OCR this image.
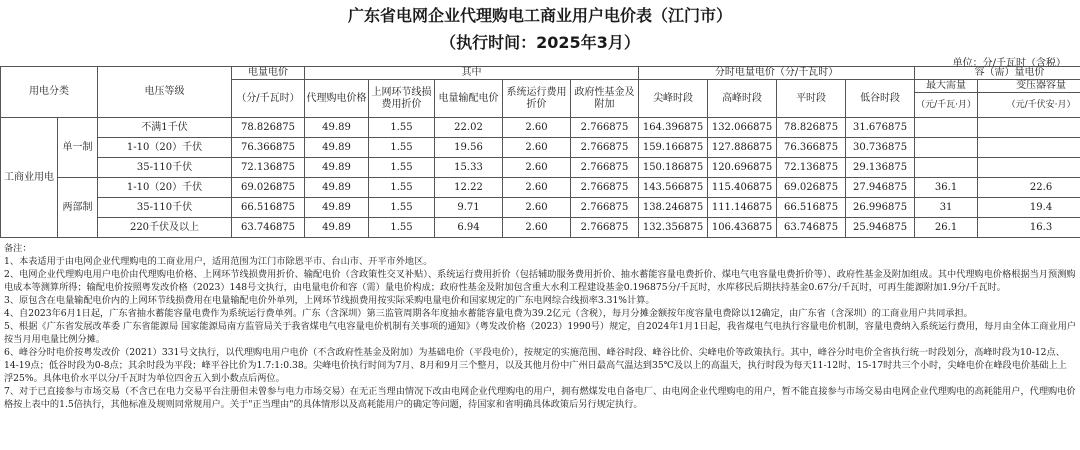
广东省电网企业代理购电工商业用户电价表（江门市）
（执行时间：2025年3月）
单位：分/千瓦时（含税）
用电分类		电压等级	电量电价	其中					分时电量电价（分/千瓦时）				容（需）量电价	
			（分/千瓦时）	代理购电价格	上网环节线损费用折价	电量输配电价	系统运行费用折价	政府性基金及附加	尖峰时段	高峰时段	平时段	低谷时段	最大需量	变压器容量
													（元/千瓦·月）	（元/千伏安·月）
工商业用电	单一制	不满1千伏	78.826875	49.89	1.55	22.02	2.60	2.766875	164.396875	132.066875	78.826875	31.676875		
		1-10（20）千伏	76.366875	49.89	1.55	19.56	2.60	2.766875	159.166875	127.886875	76.366875	30.736875		
		35-110千伏	72.136875	49.89	1.55	15.33	2.60	2.766875	150.186875	120.696875	72.136875	29.136875		
	两部制	1-10（20）千伏	69.026875	49.89	1.55	12.22	2.60	2.766875	143.566875	115.406875	69.026875	27.946875	36.1	22.6
		35-110千伏	66.516875	49.89	1.55	9.71	2.60	2.766875	138.246875	111.146875	66.516875	26.996875	31	19.4
		220千伏及以上	63.746875	49.89	1.55	6.94	2.60	2.766875	132.356875	106.436875	63.746875	25.946875	26.1	16.3

备注：

1、本表适用于由电网企业代理购电的工商业用户，适用范围为江门市除恩平市、台山市、开平市外地区。

2、电网企业代理购电用户电价由代理购电价格、上网环节线损费用折价、输配电价（含政策性交叉补贴）、系统运行费用折价（包括辅助服务费用折价、抽水蓄能容量电费折价、煤电气电容量电费折价等）、政府性基金及附加组成。其中代理购电价格根据当月预测购电成本等测算所得；输配电价按照粤发改价格（2023）148号文执行，由电量电价和容（需）量电价构成；政府性基金及附加包含重大水利工程建设基金0.196875分/千瓦时，水库移民后期扶持基金0.67分/千瓦时，可再生能源附加1.9分/千瓦时。

3、原包含在电量输配电价内的上网环节线损费用在电量输配电价外单列，上网环节线损费用按实际采购电量电价和国家规定的广东电网综合线损率3.31%计算。

4、自2023年6月1日起，广东省抽水蓄能容量电费作为系统运行费单列。广东（含深圳）第三监管周期各年度抽水蓄能容量电费为39.2亿元（含税），每月分摊金额按年度容量电费除以12确定，由广东省（含深圳）的工商业用户共同承担。

5、根据《广东省发展改革委 广东省能源局 国家能源局南方监管局关于我省煤电气电容量电价机制有关事项的通知》（粤发改价格（2023）1990号）规定，自2024年1月1日起，我省煤电气电执行容量电价机制，容量电费纳入系统运行费用，每月由全体工商业用户按当月用电量比例分摊。

6、峰谷分时电价按粤发改价（2021）331号文执行，以代理购电用户电价（不含政府性基金及附加）为基础电价（平段电价），按规定的实施范围、峰谷时段、峰谷比价、尖峰电价等政策执行。其中，峰谷分时电价全省执行统一时段划分，高峰时段为10-12点、14-19点；低谷时段为0-8点；其余时段为平段；峰平谷比价为1.7:1:0.38。尖峰电价执行时间为7月、8月和9月三个整月，以及其他月份中广州日最高气温达到35℃及以上的高温天，执行时段为每天11-12时、15-17时共三个小时，尖峰电价在峰段电价基础上上浮25%。具体电价水平以分/千瓦时为单位四舍五入到小数点后两位。

7、对于已直接参与市场交易（不含已在电力交易平台注册但未曾参与电力市场交易）在无正当理由情况下改由电网企业代理购电的用户，拥有燃煤发电自备电厂、由电网企业代理购电的用户，暂不能直接参与市场交易由电网企业代理购电的高耗能用户，代理购电价格按上表中的1.5倍执行，其他标准及规则同常规用户。关于"正当理由"的具体情形以及高耗能用户的确定等问题，待国家和省明确具体政策后另行规定执行。
